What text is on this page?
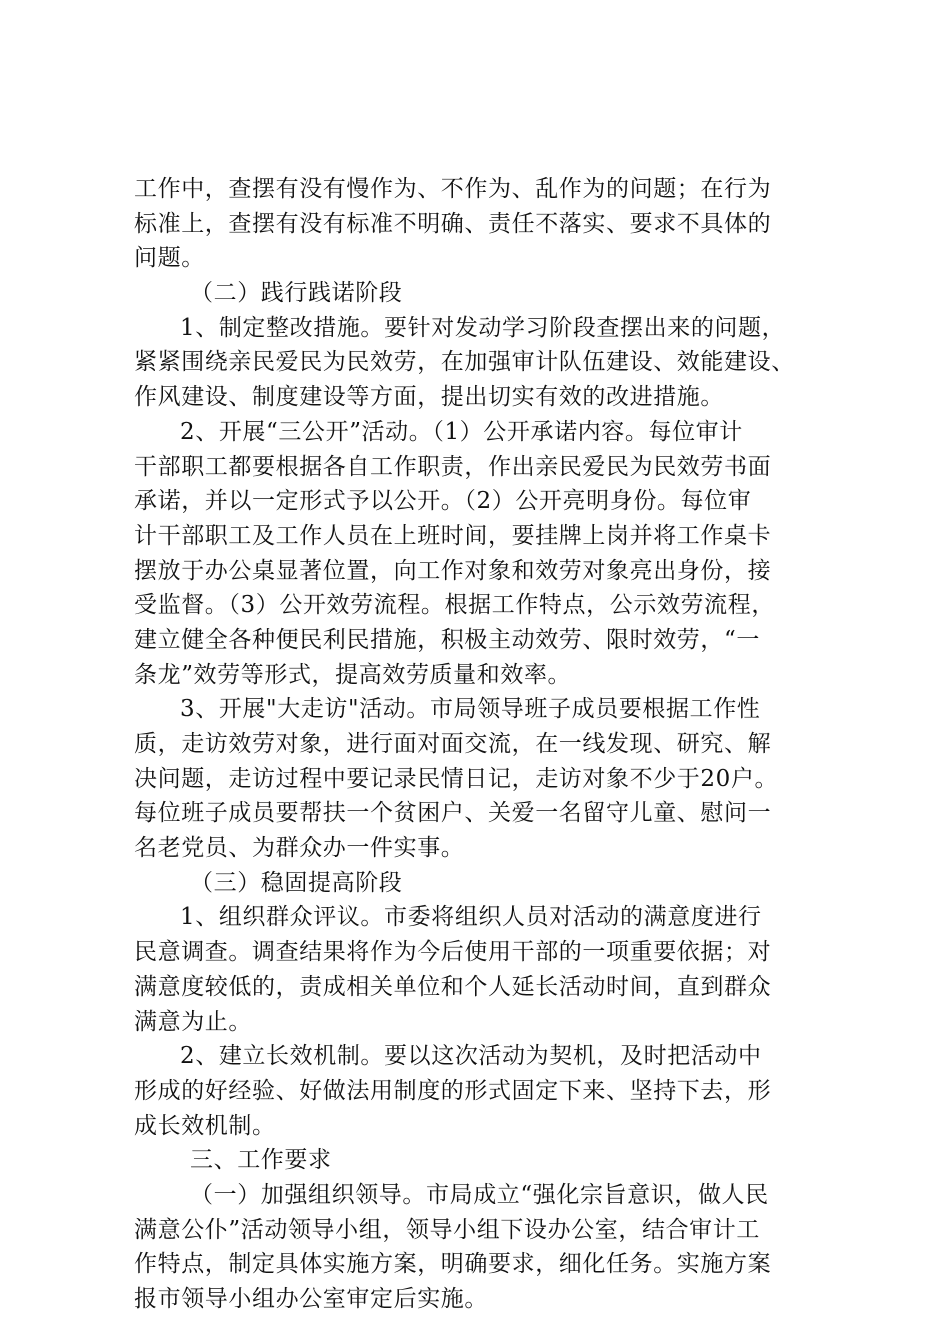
工作中，查摆有没有慢作为、不作为、乱作为的问题；在行为
标准上，查摆有没有标准不明确、责任不落实、要求不具体的
问题。
（二）践行践诺阶段
1、制定整改措施。要针对发动学习阶段查摆出来的问题，
紧紧围绕亲民爱民为民效劳，在加强审计队伍建设、效能建设、
作风建设、制度建设等方面，提出切实有效的改进措施。
2、开展“三公开”活动。（1）公开承诺内容。每位审计
干部职工都要根据各自工作职责，作出亲民爱民为民效劳书面
承诺，并以一定形式予以公开。（2）公开亮明身份。每位审
计干部职工及工作人员在上班时间，要挂牌上岗并将工作桌卡
摆放于办公桌显著位置，向工作对象和效劳对象亮出身份，接
受监督。（3）公开效劳流程。根据工作特点，公示效劳流程，
建立健全各种便民利民措施，积极主动效劳、限时效劳，“一
条龙”效劳等形式，提高效劳质量和效率。
3、开展"大走访"活动。市局领导班子成员要根据工作性
质，走访效劳对象，进行面对面交流，在一线发现、研究、解
决问题，走访过程中要记录民情日记，走访对象不少于20户。
每位班子成员要帮扶一个贫困户、关爱一名留守儿童、慰问一
名老党员、为群众办一件实事。
（三）稳固提高阶段
1、组织群众评议。市委将组织人员对活动的满意度进行
民意调查。调查结果将作为今后使用干部的一项重要依据；对
满意度较低的，责成相关单位和个人延长活动时间，直到群众
满意为止。
2、建立长效机制。要以这次活动为契机，及时把活动中
形成的好经验、好做法用制度的形式固定下来、坚持下去，形
成长效机制。
三、工作要求
（一）加强组织领导。市局成立“强化宗旨意识，做人民
满意公仆”活动领导小组，领导小组下设办公室，结合审计工
作特点，制定具体实施方案，明确要求，细化任务。实施方案
报市领导小组办公室审定后实施。
